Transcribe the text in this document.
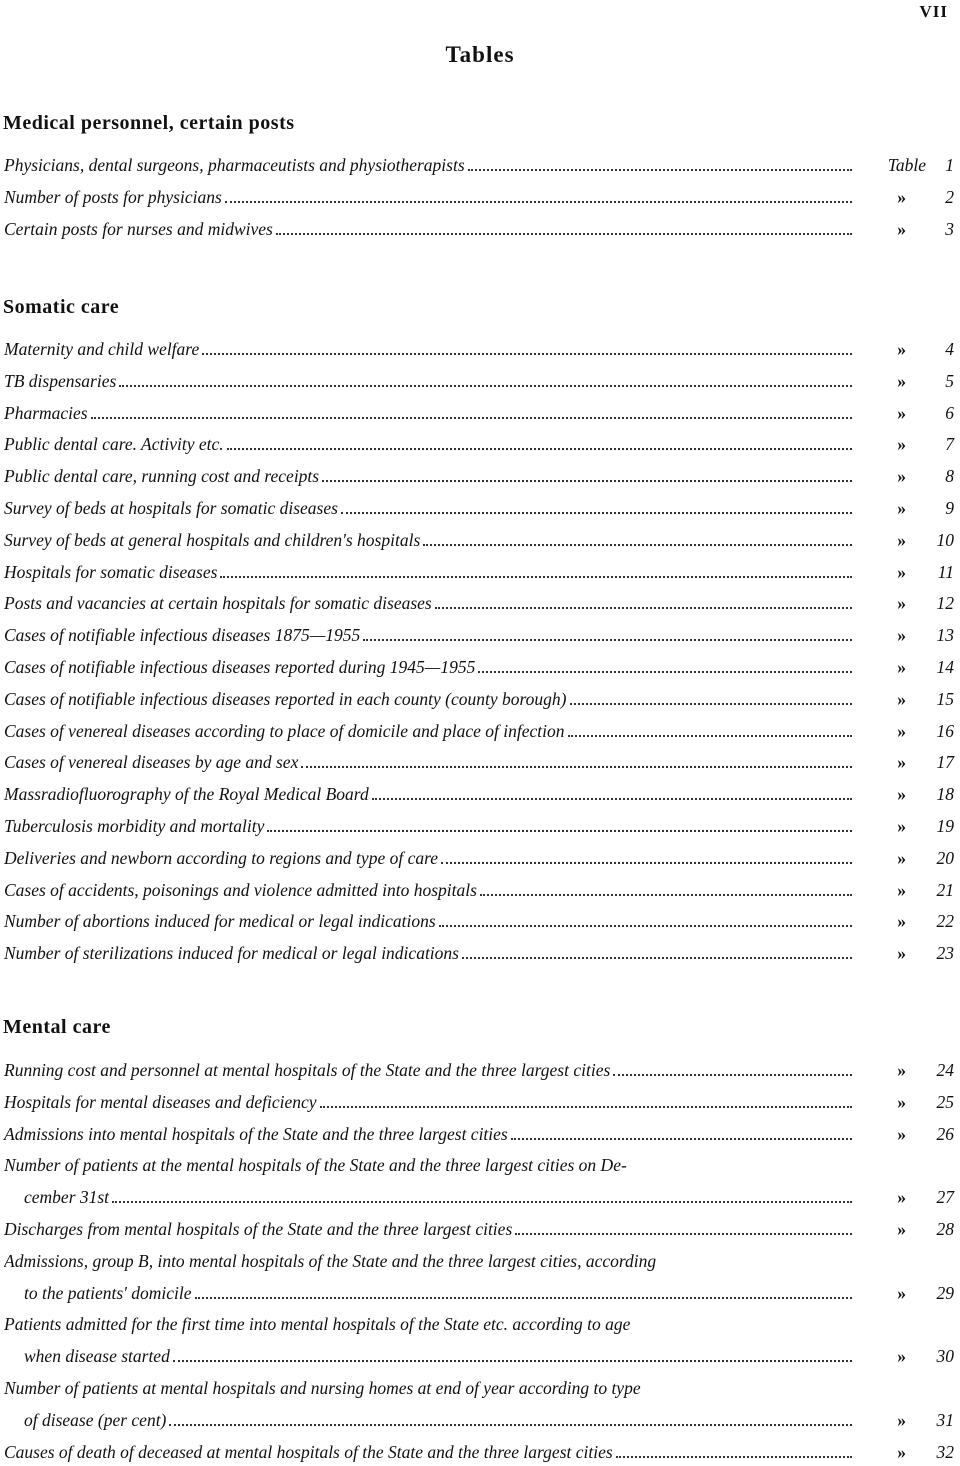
VII
Tables
Medical personnel, certain posts
Physicians, dental surgeons, pharmaceutists and physiotherapists	Table	1
Number of posts for physicians	»	2
Certain posts for nurses and midwives	»	3
Somatic care
Maternity and child welfare	»	4
TB dispensaries	»	5
Pharmacies	»	6
Public dental care. Activity etc.	»	7
Public dental care, running cost and receipts	»	8
Survey of beds at hospitals for somatic diseases	»	9
Survey of beds at general hospitals and children's hospitals	» 10
Hospitals for somatic diseases	» 11
Posts and vacancies at certain hospitals for somatic diseases	» 12
Cases of notifiable infectious diseases 1875—1955	» 13
Cases of notifiable infectious diseases reported during 1945—1955	» 14
Cases of notifiable infectious diseases reported in each county (county borough)	» 15
Cases of venereal diseases according to place of domicile and place of infection	» 16
Cases of venereal diseases by age and sex	» 17
Massradiofluorography of the Royal Medical Board	» 18
Tuberculosis morbidity and mortality	» 19
Deliveries and newborn according to regions and type of care	» 20
Cases of accidents, poisonings and violence admitted into hospitals	» 21
Number of abortions induced for medical or legal indications	» 22
Number of sterilizations induced for medical or legal indications	» 23
Mental care
Running cost and personnel at mental hospitals of the State and the three largest cities	» 24
Hospitals for mental diseases and deficiency	» 25
Admissions into mental hospitals of the State and the three largest cities	» 26
Number of patients at the mental hospitals of the State and the three largest cities on De-
cember 31st	» 27
Discharges from mental hospitals of the State and the three largest cities	» 28
Admissions, group B, into mental hospitals of the State and the three largest cities, according
to the patients' domicile	» 29
Patients admitted for the first time into mental hospitals of the State etc. according to age
when disease started	» 30
Number of patients at mental hospitals and nursing homes at end of year according to type
of disease (per cent)	» 31
Causes of death of deceased at mental hospitals of the State and the three largest cities	» 32
